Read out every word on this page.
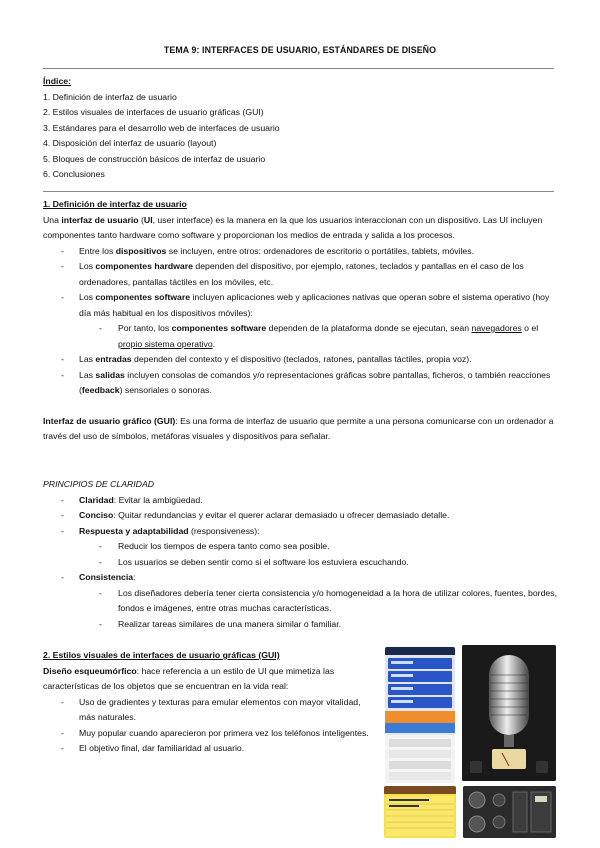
TEMA 9: INTERFACES DE USUARIO, ESTÁNDARES DE DISEÑO

Índice:

1. Definición de interfaz de usuario

2. Estilos visuales de interfaces de usuario gráficas (GUI)

3. Estándares para el desarrollo web de interfaces de usuario

4. Disposición del interfaz de usuario (layout)

5. Bloques de construcción básicos de interfaz de usuario

6. Conclusiones

1. Definición de interfaz de usuario

Una interfaz de usuario (UI, user interface) es la manera en la que los usuarios interaccionan con un dispositivo. Las UI incluyen componentes tanto hardware como software y proporcionan los medios de entrada y salida a los procesos.

- Entre los dispositivos se incluyen, entre otros: ordenadores de escritorio o portátiles, tablets, móviles.

- Los componentes hardware dependen del dispositivo, por ejemplo, ratones, teclados y pantallas en el caso de los ordenadores, pantallas táctiles en los móviles, etc.

- Los componentes software incluyen aplicaciones web y aplicaciones nativas que operan sobre el sistema operativo (hoy día más habitual en los dispositivos móviles):

- Por tanto, los componentes software dependen de la plataforma donde se ejecutan, sean navegadores o el propio sistema operativo.

- Las entradas dependen del contexto y el dispositivo (teclados, ratones, pantallas táctiles, propia voz).

- Las salidas incluyen consolas de comandos y/o representaciones gráficas sobre pantallas, ficheros, o también reacciones (feedback) sensoriales o sonoras.

Interfaz de usuario gráfico (GUI): Es una forma de interfaz de usuario que permite a una persona comunicarse con un ordenador a través del uso de símbolos, metáforas visuales y dispositivos para señalar.

PRINCIPIOS DE CLARIDAD

- Claridad: Evitar la ambigüedad.

- Conciso: Quitar redundancias y evitar el querer aclarar demasiado u ofrecer demasiado detalle.

- Respuesta y adaptabilidad (responsiveness):

- Reducir los tiempos de espera tanto como sea posible.

- Los usuarios se deben sentir como si el software los estuviera escuchando.

- Consistencia:

- Los diseñadores debería tener cierta consistencia y/o homogeneidad a la hora de utilizar colores, fuentes, bordes, fondos e imágenes, entre otras muchas características.

- Realizar tareas similares de una manera similar o familiar.

2. Estilos visuales de interfaces de usuario gráficas (GUI)

Diseño esqueumórfico: hace referencia a un estilo de UI que mimetiza las características de los objetos que se encuentran en la vida real:

- Uso de gradientes y texturas para emular elementos con mayor vitalidad, más naturales.

- Muy popular cuando aparecieron por primera vez los teléfonos inteligentes.

- El objetivo final, dar familiaridad al usuario.
